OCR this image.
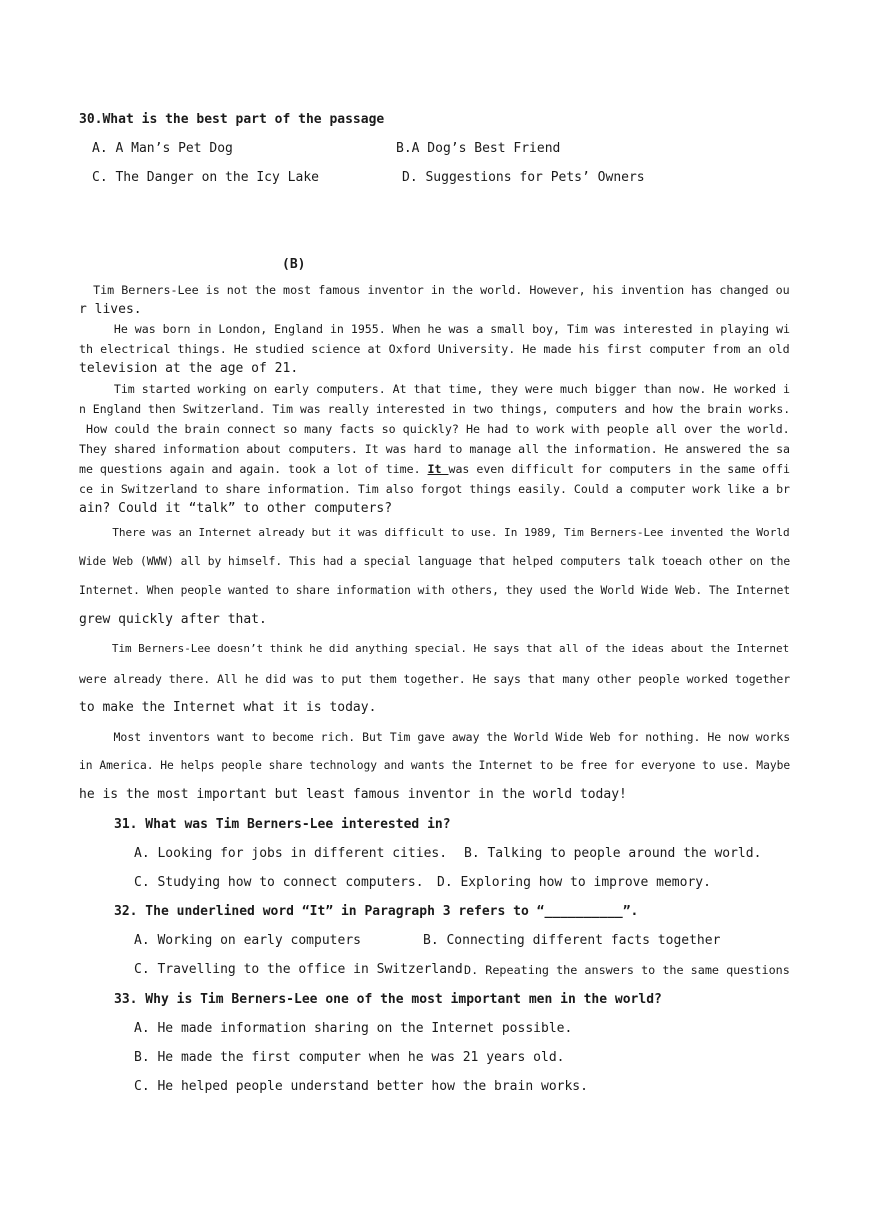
30.What is the best part of the passage
A. A Man’s Pet Dog	B.A Dog’s Best Friend
C. The Danger on the Icy Lake	D. Suggestions for Pets’ Owners
(B)
Tim Berners-Lee is not the most famous inventor in the world. However, his invention has changed ou
r lives.
He was born in London, England in 1955. When he was a small boy, Tim was interested in playing wi
th electrical things. He studied science at Oxford University. He made his first computer from an old
television at the age of 21.
Tim started working on early computers. At that time, they were much bigger than now. He worked i
n England then Switzerland. Tim was really interested in two things, computers and how the brain works.
How could the brain connect so many facts so quickly? He had to work with people all over the world.
They shared information about computers. It was hard to manage all the information. He answered the sa
me questions again and again. took a lot of time. It was even difficult for computers in the same offi
ce in Switzerland to share information. Tim also forgot things easily. Could a computer work like a br
ain? Could it “talk” to other computers?
There was an Internet already but it was difficult to use. In 1989, Tim Berners-Lee invented the World
Wide Web (WWW) all by himself. This had a special language that helped computers talk toeach other on the
Internet. When people wanted to share information with others, they used the World Wide Web. The Internet
grew quickly after that.
Tim Berners-Lee doesn’t think he did anything special. He says that all of the ideas about the Internet
were already there. All he did was to put them together. He says that many other people worked together
to make the Internet what it is today.
Most inventors want to become rich. But Tim gave away the World Wide Web for nothing. He now works
in America. He helps people share technology and wants the Internet to be free for everyone to use. Maybe
he is the most important but least famous inventor in the world today!
31. What was Tim Berners-Lee interested in?
A. Looking for jobs in different cities. B. Talking to people around the world.
C. Studying how to connect computers. D. Exploring how to improve memory.
32. The underlined word “It” in Paragraph 3 refers to “__________”.
A. Working on early computers	B. Connecting different facts together
C. Travelling to the office in Switzerland D. Repeating the answers to the same questions
33. Why is Tim Berners-Lee one of the most important men in the world?
A. He made information sharing on the Internet possible.
B. He made the first computer when he was 21 years old.
C. He helped people understand better how the brain works.
